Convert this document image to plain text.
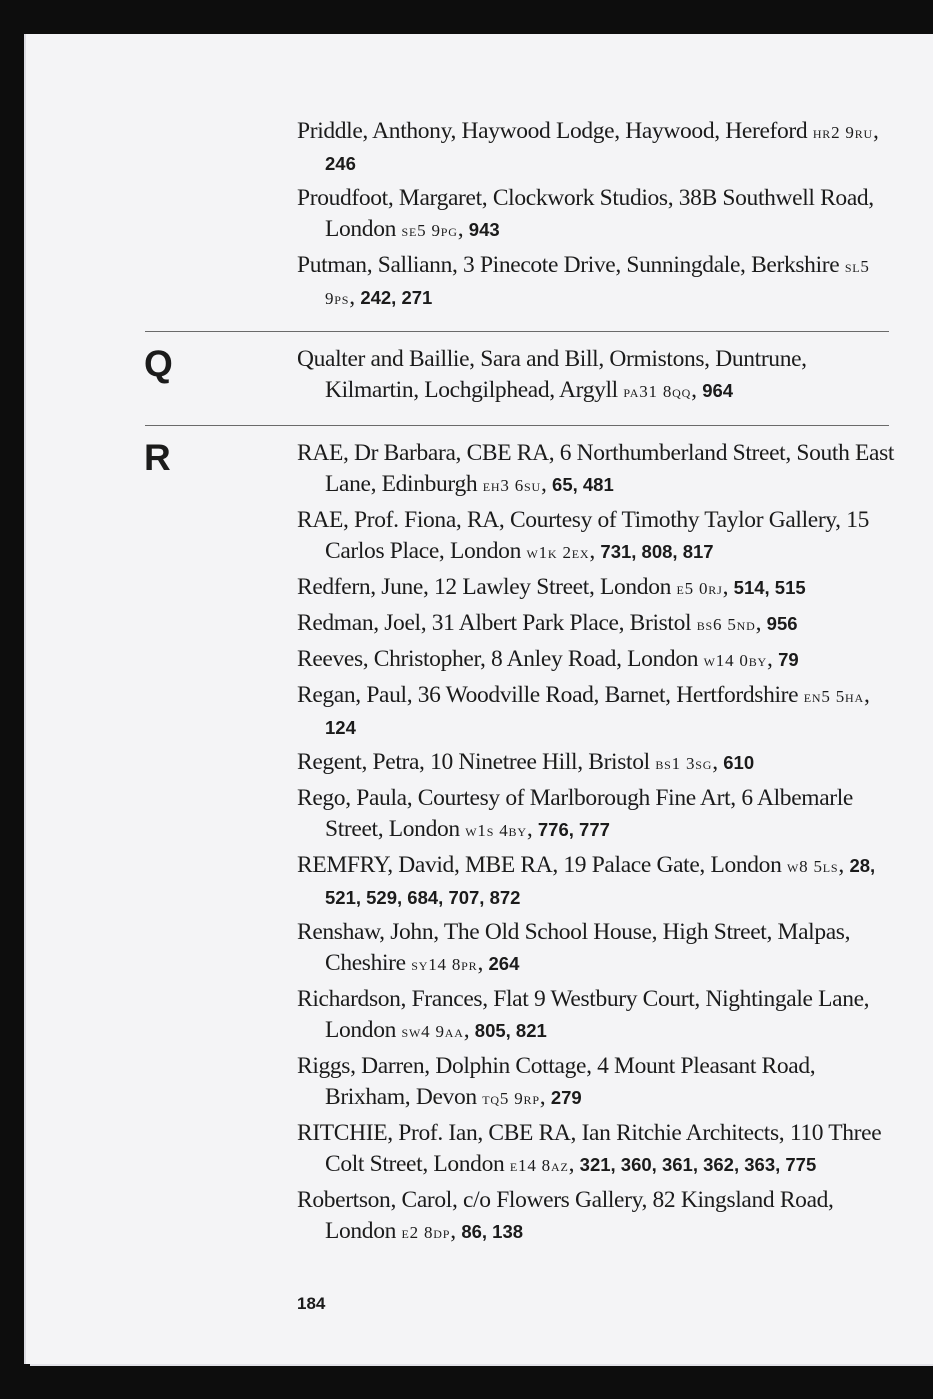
Priddle, Anthony, Haywood Lodge, Haywood, Hereford hr2 9ru, 246

Proudfoot, Margaret, Clockwork Studios, 38B Southwell Road, London se5 9pg, 943

Putman, Salliann, 3 Pinecote Drive, Sunningdale, Berkshire sl5 9ps, 242, 271

Q	Qualter and Baillie, Sara and Bill, Ormistons, Duntrune, Kilmartin, Lochgilphead, Argyll pa31 8qq, 964

R	RAE, Dr Barbara, CBE RA, 6 Northumberland Street, South East Lane, Edinburgh eh3 6su, 65, 481

RAE, Prof. Fiona, RA, Courtesy of Timothy Taylor Gallery, 15 Carlos Place, London w1k 2ex, 731, 808, 817

Redfern, June, 12 Lawley Street, London e5 0rj, 514, 515

Redman, Joel, 31 Albert Park Place, Bristol bs6 5nd, 956

Reeves, Christopher, 8 Anley Road, London w14 0by, 79

Regan, Paul, 36 Woodville Road, Barnet, Hertfordshire en5 5ha, 124

Regent, Petra, 10 Ninetree Hill, Bristol bs1 3sg, 610

Rego, Paula, Courtesy of Marlborough Fine Art, 6 Albemarle Street, London w1s 4by, 776, 777

REMFRY, David, MBE RA, 19 Palace Gate, London w8 5ls, 28, 521, 529, 684, 707, 872

Renshaw, John, The Old School House, High Street, Malpas, Cheshire sy14 8pr, 264

Richardson, Frances, Flat 9 Westbury Court, Nightingale Lane, London sw4 9aa, 805, 821

Riggs, Darren, Dolphin Cottage, 4 Mount Pleasant Road, Brixham, Devon tq5 9rp, 279

RITCHIE, Prof. Ian, CBE RA, Ian Ritchie Architects, 110 Three Colt Street, London e14 8az, 321, 360, 361, 362, 363, 775

Robertson, Carol, c/o Flowers Gallery, 82 Kingsland Road, London e2 8dp, 86, 138

184
